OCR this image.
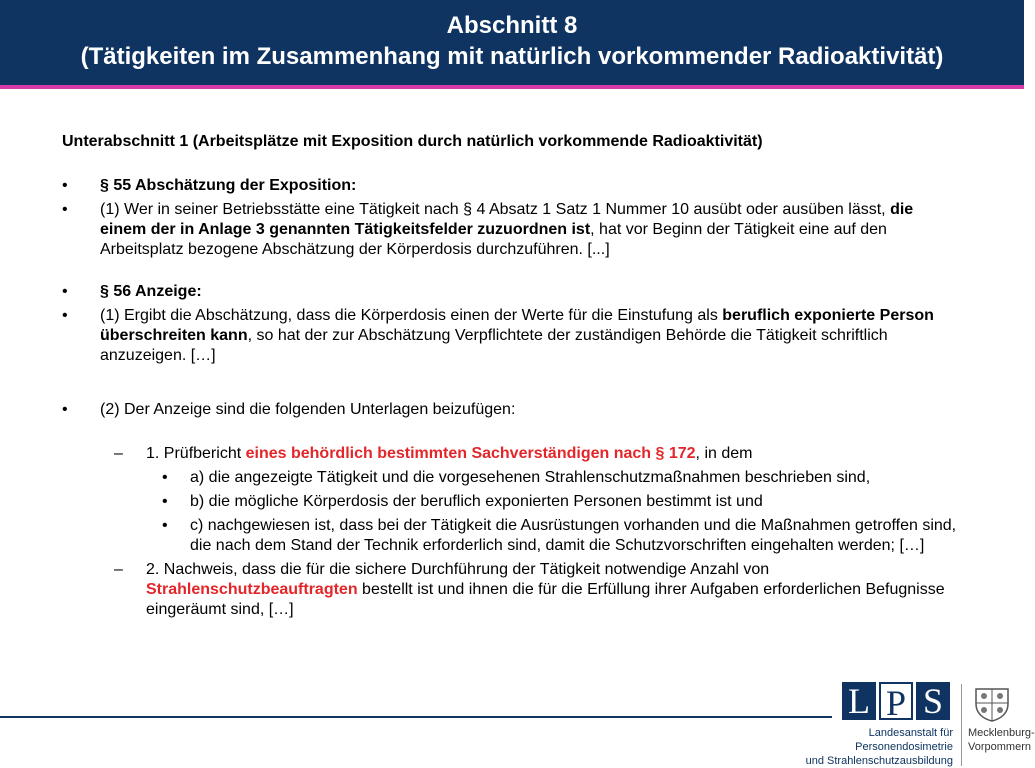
Abschnitt 8
(Tätigkeiten im Zusammenhang mit natürlich vorkommender Radioaktivität)

Unterabschnitt 1 (Arbeitsplätze mit Exposition durch natürlich vorkommende Radioaktivität)

• § 55 Abschätzung der Exposition:

• (1) Wer in seiner Betriebsstätte eine Tätigkeit nach § 4 Absatz 1 Satz 1 Nummer 10 ausübt oder ausüben lässt, die einem der in Anlage 3 genannten Tätigkeitsfelder zuzuordnen ist, hat vor Beginn der Tätigkeit eine auf den Arbeitsplatz bezogene Abschätzung der Körperdosis durchzuführen. [...]

• § 56 Anzeige:

• (1) Ergibt die Abschätzung, dass die Körperdosis einen der Werte für die Einstufung als beruflich exponierte Person überschreiten kann, so hat der zur Abschätzung Verpflichtete der zuständigen Behörde die Tätigkeit schriftlich anzuzeigen. […]

• (2) Der Anzeige sind die folgenden Unterlagen beizufügen:

– 1. Prüfbericht eines behördlich bestimmten Sachverständigen nach § 172, in dem

• a) die angezeigte Tätigkeit und die vorgesehenen Strahlenschutzmaßnahmen beschrieben sind,

• b) die mögliche Körperdosis der beruflich exponierten Personen bestimmt ist und

• c) nachgewiesen ist, dass bei der Tätigkeit die Ausrüstungen vorhanden und die Maßnahmen getroffen sind, die nach dem Stand der Technik erforderlich sind, damit die Schutzvorschriften eingehalten werden; […]

– 2. Nachweis, dass die für die sichere Durchführung der Tätigkeit notwendige Anzahl von Strahlenschutzbeauftragten bestellt ist und ihnen die für die Erfüllung ihrer Aufgaben erforderlichen Befugnisse eingeräumt sind, […]

L P S
Landesanstalt für Personendosimetrie
und Strahlenschutzausbildung
Mecklenburg-
Vorpommern
